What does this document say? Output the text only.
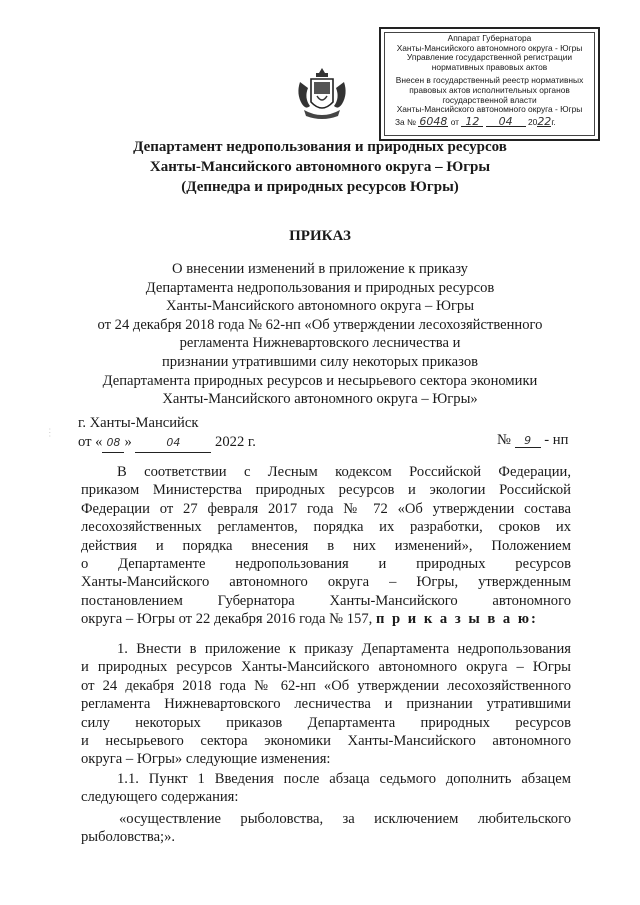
Аппарат Губернатора
Ханты-Мансийского автономного округа - Югры
Управление государственной регистрации
нормативных правовых актов
Внесен в государственный реестр нормативных
правовых актов исполнительных органов
государственной власти
Ханты-Мансийского автономного округа - Югры
За № 6048 от 12 04 2022г.
Департамент недропользования и природных ресурсов
Ханты-Мансийского автономного округа – Югры
(Депнедра и природных ресурсов Югры)
ПРИКАЗ
О внесении изменений в приложение к приказу
Департамента недропользования и природных ресурсов
Ханты-Мансийского автономного округа – Югры
от 24 декабря 2018 года № 62-нп «Об утверждении лесохозяйственного
регламента Нижневартовского лесничества и
признании утратившими силу некоторых приказов
Департамента природных ресурсов и несырьевого сектора экономики
Ханты-Мансийского автономного округа – Югры»
г. Ханты-Мансийск
от « 08 »	04 2022 г.	№ 9 - нп
· · ·
В соответствии с Лесным кодексом Российской Федерации,
приказом Министерства природных ресурсов и экологии Российской
Федерации от 27 февраля 2017 года № 72 «Об утверждении состава
лесохозяйственных регламентов, порядка их разработки, сроков их
действия и порядка внесения в них изменений», Положением
о Департаменте недропользования и природных ресурсов
Ханты-Мансийского автономного округа – Югры, утвержденным
постановлением Губернатора Ханты-Мансийского автономного
округа – Югры от 22 декабря 2016 года № 157, п р и к а з ы в а ю:
1. Внести в приложение к приказу Департамента недропользования
и природных ресурсов Ханты-Мансийского автономного округа – Югры
от 24 декабря 2018 года № 62-нп «Об утверждении лесохозяйственного
регламента Нижневартовского лесничества и признании утратившими
силу некоторых приказов Департамента природных ресурсов
и несырьевого сектора экономики Ханты-Мансийского автономного
округа – Югры» следующие изменения:
1.1. Пункт 1 Введения после абзаца седьмого дополнить абзацем
следующего содержания:
«осуществление рыболовства, за исключением любительского
рыболовства;».
